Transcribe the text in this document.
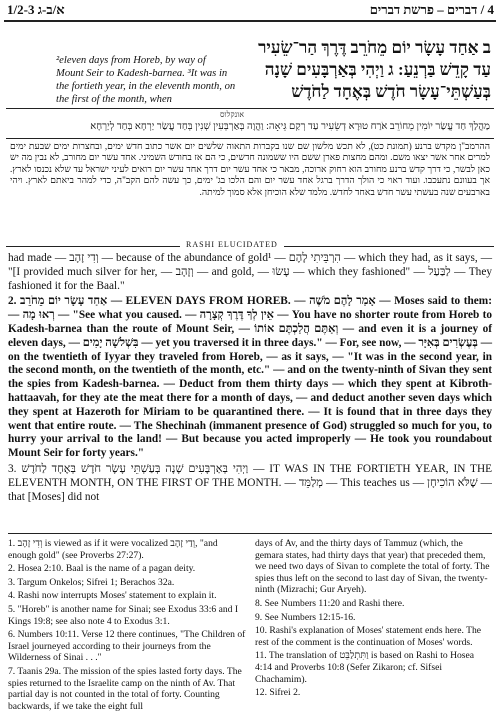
4 / דברים – פרשת דברים
א/ב-ג 1/2-3
²eleven days from Horeb, by way of Mount Seir to Kadesh-barnea. ³It was in the fortieth year, in the eleventh month, on the first of the month, when
ב אַחַד עָשָׂר יוֹם מֵחֹרֵב דֶּרֶךְ הַר־שֵׂעִיר
עַד קָדֵשׁ בַּרְנֵעַ: ג וַיְהִי בְּאַרְבָּעִים שָׁנָה
בְּעַשְׁתֵּי־עָשָׂר חֹדֶשׁ בְּאֶחָד לַחֹדֶשׁ
אונקלוס
מַהֲלַךְ חַד עֲשַׂר יוֹמִין מֵחוֹרֵב אֹרַח טוּרָא דְשֵׂעִיר עַד רְקַם גֵּיאָה: וַהֲוָה בְּאַרְבְּעִין שְׁנִין בְּחַד עֲשַׂר יַרְחָא בְּחַד לְיַרְחָא
ההרמב"ן מקדש ברנע (תמונת כט), לא תכש מלשון שם שנו בקברות התאוה שלשים יום אשר כתוב חדש ימים, ובחצרות ימים שבעת ימים למרים אחר אשר יצאו משם. ומהם מחצות פארן ששם היו ששמונה חדשים, כי הם אז בחודש השמיני. אחד עשר יום מחורב, לא נבין מה יש כאן לבשר, כי דרך קדש ברנע מחורב הוא רחוק ארוכה, מבאר כי אחד עשר יום דרך אחד עשר יום רואים לעיני ישראל עד שלא נכנסו לארץ. אך בעוונם נתעכבו. ועוד ראוי כי הולך הדרך ברגל אחד עשר יום והם הלכו בג' ימים, כך עשה להם הקב"ה, כדי למהר ביאתם לארץ. ויהי בארבעים שנה בעשתי עשר חדש באחד לחדש. מלמד שלא הוכיחן אלא סמוך למיתה.
RASHI ELUCIDATED

had made — וְדִי זָהָב — because of the abundance of gold¹ — הִרְבֵּיתִי לָהֶם — which they had, as it says, — "[I provided much silver for her, — וְזָהָב — and gold, — עָשׂוּ — which they fashioned" — לַבַּעַל — They fashioned it for the Baal."

2. אַחַד עָשָׂר יוֹם מֵחֹרֵב — ELEVEN DAYS FROM HOREB. — אָמַר לָהֶם מֹשֶׁה — Moses said to them: — רְאוּ מָה — "See what you caused. — אֵין לְךָ דֶּרֶךְ קְצָרָה — You have no shorter route from Horeb to Kadesh-barnea than the route of Mount Seir, — וְאַתֶּם הֲלַכְתֶּם אוֹתוֹ — and even it is a journey of eleven days, — בִּשְׁלֹשָׁה יָמִים — yet you traversed it in three days." — For, see now, — בְּעֶשְׂרִים בְּאִיָּר — on the twentieth of Iyyar they traveled from Horeb, — as it says, — "It was in the second year, in the second month, on the twentieth of the month, etc." — and on the twenty-ninth of Sivan they sent the spies from Kadesh-barnea. — Deduct from them thirty days — which they spent at Kibroth-hattaavah, for they ate the meat there for a month of days, — and deduct another seven days which they spent at Hazeroth for Miriam to be quarantined there. — It is found that in three days they went that entire route. — The Shechinah (immanent presence of God) struggled so much for you, to hurry your arrival to the land! — But because you acted improperly — He took you roundabout Mount Seir for forty years."

3. וַיְהִי בְּאַרְבָּעִים שָׁנָה בְּעַשְׁתֵּי עָשָׂר חֹדֶשׁ בְּאֶחָד לַחֹדֶשׁ — IT WAS IN THE FORTIETH YEAR, IN THE ELEVENTH MONTH, ON THE FIRST OF THE MONTH. — מְלַמֵּד — This teaches us — שֶׁלֹּא הוֹכִיחָן — that [Moses] did not

1. וְדִי זָהָב is viewed as if it were vocalized וְדַי זָהָב, "and enough gold" (see Proverbs 27:27).

2. Hosea 2:10. Baal is the name of a pagan deity.

3. Targum Onkelos; Sifrei 1; Berachos 32a.

4. Rashi now interrupts Moses' statement to explain it.

5. "Horeb" is another name for Sinai; see Exodus 33:6 and I Kings 19:8; see also note 4 to Exodus 3:1.

6. Numbers 10:11. Verse 12 there continues, "The Children of Israel journeyed according to their journeys from the Wilderness of Sinai . . ."

7. Taanis 29a. The mission of the spies lasted forty days. The spies returned to the Israelite camp on the ninth of Av. That partial day is not counted in the total of forty. Counting backwards, if we take the eight full

days of Av, and the thirty days of Tammuz (which, the gemara states, had thirty days that year) that preceded them, we need two days of Sivan to complete the total of forty. The spies thus left on the second to last day of Sivan, the twenty-ninth (Mizrachi; Gur Aryeh).

8. See Numbers 11:20 and Rashi there.

9. See Numbers 12:15-16.

10. Rashi's explanation of Moses' statement ends here. The rest of the comment is the continuation of Moses' words.

11. The translation of וַתִּתְלַבֵּט is based on Rashi to Hosea 4:14 and Proverbs 10:8 (Sefer Zikaron; cf. Sifsei Chachamim).

12. Sifrei 2.
